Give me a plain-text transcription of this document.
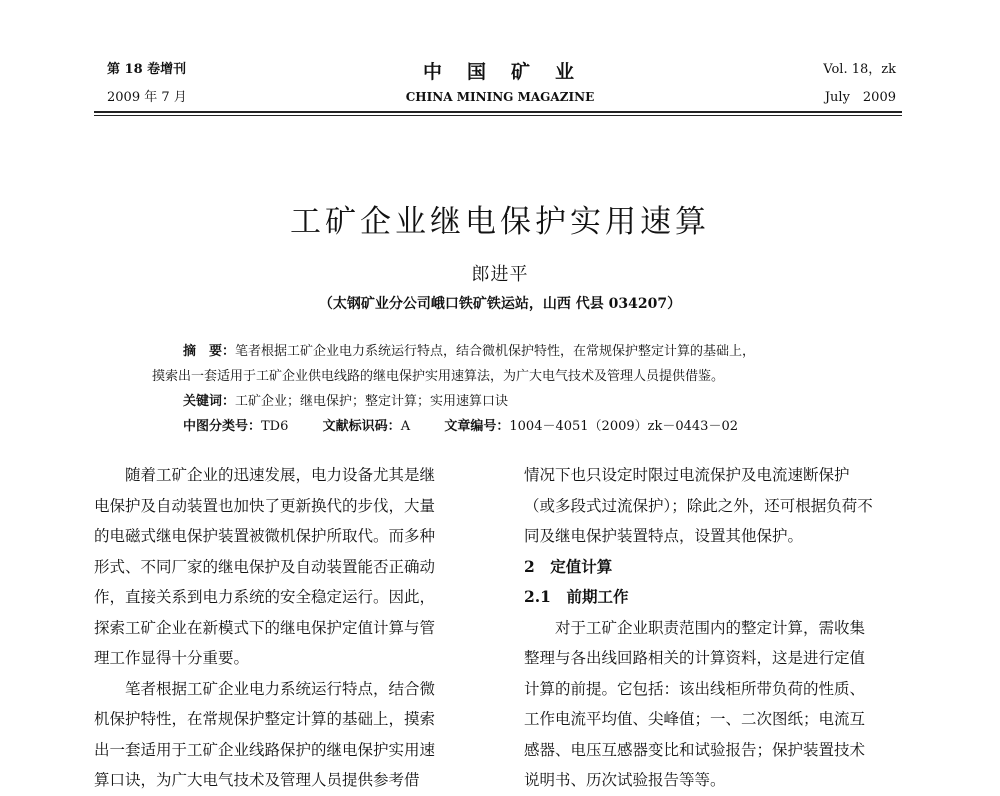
第 18 卷增刊
2009 年 7 月
中　国　矿　业
CHINA MINING MAGAZINE
Vol. 18，zk
July　2009
工矿企业继电保护实用速算
郎进平
（太钢矿业分公司峨口铁矿铁运站，山西 代县 034207）
摘　要：笔者根据工矿企业电力系统运行特点，结合微机保护特性，在常规保护整定计算的基础上，
摸索出一套适用于工矿企业供电线路的继电保护实用速算法，为广大电气技术及管理人员提供借鉴。
关键词：工矿企业；继电保护；整定计算；实用速算口诀
中图分类号：TD6	文献标识码：A	文章编号：1004－4051（2009）zk－0443－02

随着工矿企业的迅速发展，电力设备尤其是继

电保护及自动装置也加快了更新换代的步伐，大量

的电磁式继电保护装置被微机保护所取代。而多种

形式、不同厂家的继电保护及自动装置能否正确动

作，直接关系到电力系统的安全稳定运行。因此，

探索工矿企业在新模式下的继电保护定值计算与管

理工作显得十分重要。

笔者根据工矿企业电力系统运行特点，结合微

机保护特性，在常规保护整定计算的基础上，摸索

出一套适用于工矿企业线路保护的继电保护实用速

算口诀，为广大电气技术及管理人员提供参考借

情况下也只设定时限过电流保护及电流速断保护

（或多段式过流保护）；除此之外，还可根据负荷不

同及继电保护装置特点，设置其他保护。

2　定值计算

2.1　前期工作

对于工矿企业职责范围内的整定计算，需收集

整理与各出线回路相关的计算资料，这是进行定值

计算的前提。它包括：该出线柜所带负荷的性质、

工作电流平均值、尖峰值；一、二次图纸；电流互

感器、电压互感器变比和试验报告；保护装置技术

说明书、历次试验报告等等。
